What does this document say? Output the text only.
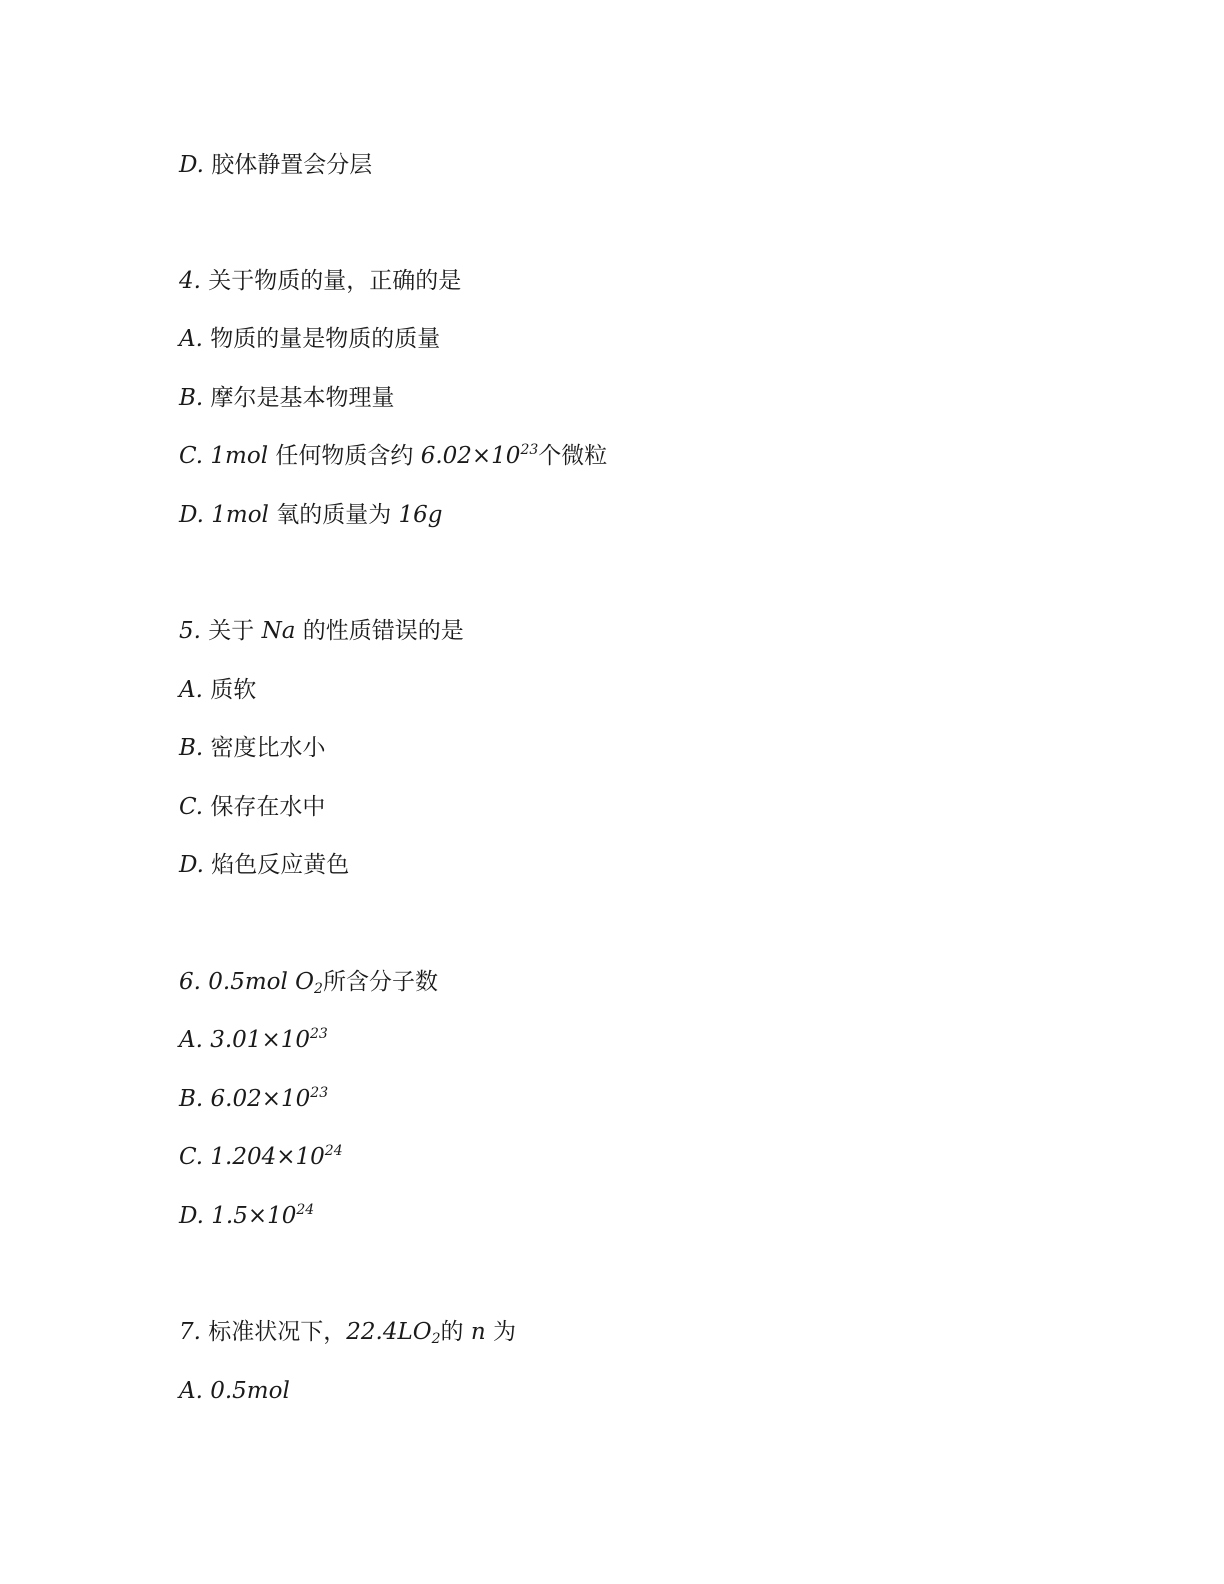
D. 胶体静置会分层
4. 关于物质的量，正确的是
A. 物质的量是物质的质量
B. 摩尔是基本物理量
C. 1mol 任何物质含约 $6.02\times 10^{23}$个微粒
D. 1mol 氧的质量为 16g
5. 关于 Na 的性质错误的是
A. 质软
B. 密度比水小
C. 保存在水中
D. 焰色反应黄色
6. 0.5mol $O_2$所含分子数
A. $3.01\times 10^{23}$
B. $6.02\times 10^{23}$
C. $1.204\times 10^{24}$
D. $1.5\times 10^{24}$
7. 标准状况下，$22.4LO_2$的 n 为
A. 0.5mol
